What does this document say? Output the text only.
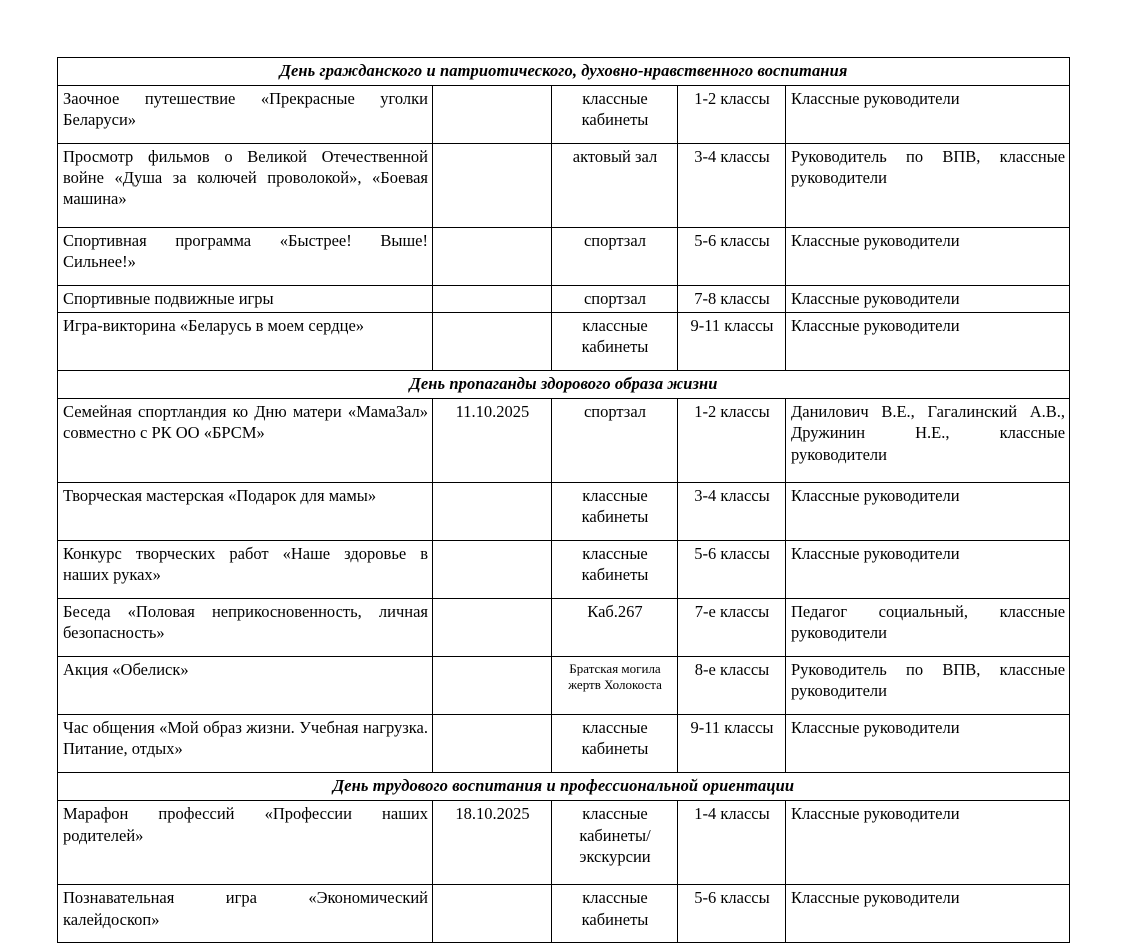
День гражданского и патриотического, духовно-нравственного воспитания				

Заочное путешествие «Прекрасные уголки Беларуси»		классные кабинеты	1-2 классы	Классные руководители

Просмотр фильмов о Великой Отечественной войне «Душа за колючей проволокой», «Боевая машина»		актовый зал	3-4 классы	Руководитель по ВПВ, классные руководители

Спортивная программа «Быстрее! Выше! Сильнее!»		спортзал	5-6 классы	Классные руководители

Спортивные подвижные игры		спортзал	7-8 классы	Классные руководители

Игра-викторина «Беларусь в моем сердце»		классные кабинеты	9-11 классы	Классные руководители
День пропаганды здорового образа жизни				

Семейная спортландия ко Дню матери «МамаЗал» совместно с РК ОО «БРСМ»	11.10.2025	спортзал	1-2 классы	Данилович В.Е., Гагалинский А.В., Дружинин Н.Е., классные руководители

Творческая мастерская «Подарок для мамы»		классные кабинеты	3-4 классы	Классные руководители

Конкурс творческих работ «Наше здоровье в наших руках»		классные кабинеты	5-6 классы	Классные руководители

Беседа «Половая неприкосновенность, личная безопасность»		Каб.267	7-е классы	Педагог социальный, классные руководители

Акция «Обелиск»		Братская могила жертв Холокоста	8-е классы	Руководитель по ВПВ, классные руководители

Час общения «Мой образ жизни. Учебная нагрузка. Питание, отдых»		классные кабинеты	9-11 классы	Классные руководители
День трудового воспитания и профессиональной ориентации				

Марафон профессий «Профессии наших родителей»	18.10.2025	классные кабинеты/ экскурсии	1-4 классы	Классные руководители

Познавательная игра «Экономический калейдоскоп»		классные кабинеты	5-6 классы	Классные руководители
